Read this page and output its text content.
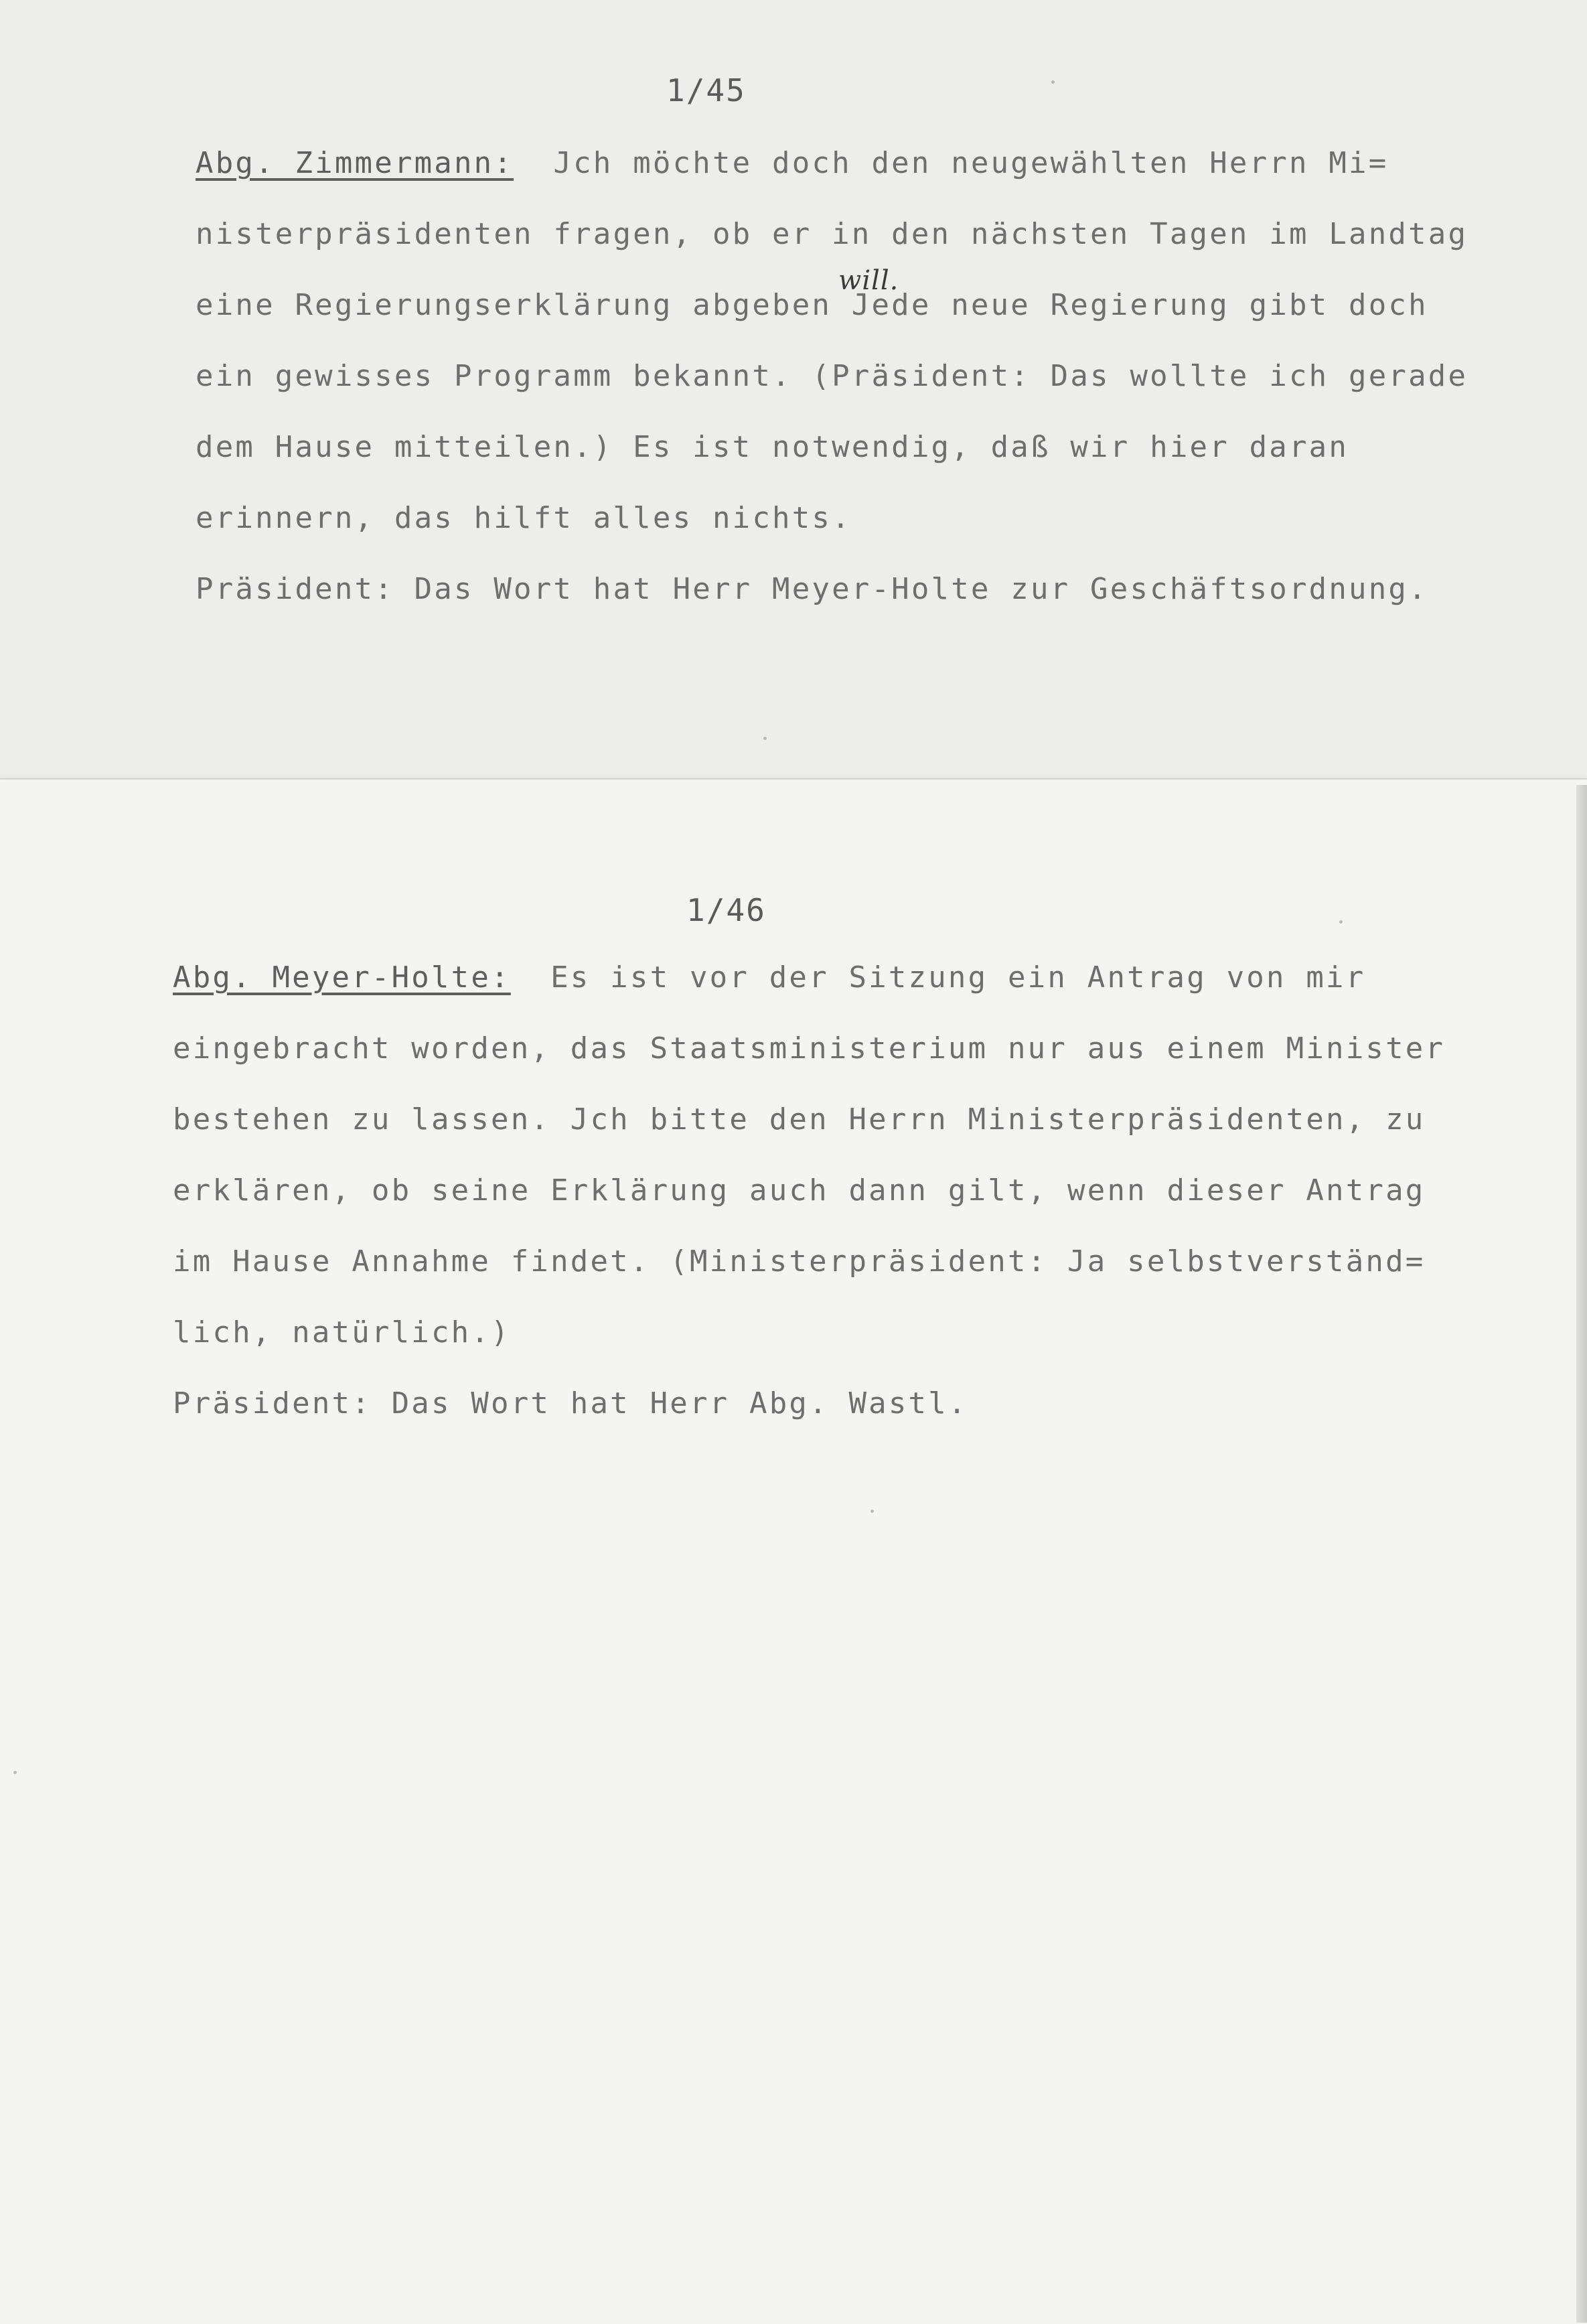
1/45
Abg. Zimmermann:  Jch möchte doch den neugewählten Herrn Mi=
nisterpräsidenten fragen, ob er in den nächsten Tagen im Landtag
eine Regierungserklärung abgeben Jede neue Regierung gibt doch
ein gewisses Programm bekannt. (Präsident: Das wollte ich gerade
dem Hause mitteilen.) Es ist notwendig, daß wir hier daran
erinnern, das hilft alles nichts.
Präsident: Das Wort hat Herr Meyer-Holte zur Geschäftsordnung.
will.
1/46
Abg. Meyer-Holte:  Es ist vor der Sitzung ein Antrag von mir
eingebracht worden, das Staatsministerium nur aus einem Minister
bestehen zu lassen. Jch bitte den Herrn Ministerpräsidenten, zu
erklären, ob seine Erklärung auch dann gilt, wenn dieser Antrag
im Hause Annahme findet. (Ministerpräsident: Ja selbstverständ=
lich, natürlich.)
Präsident: Das Wort hat Herr Abg. Wastl.
